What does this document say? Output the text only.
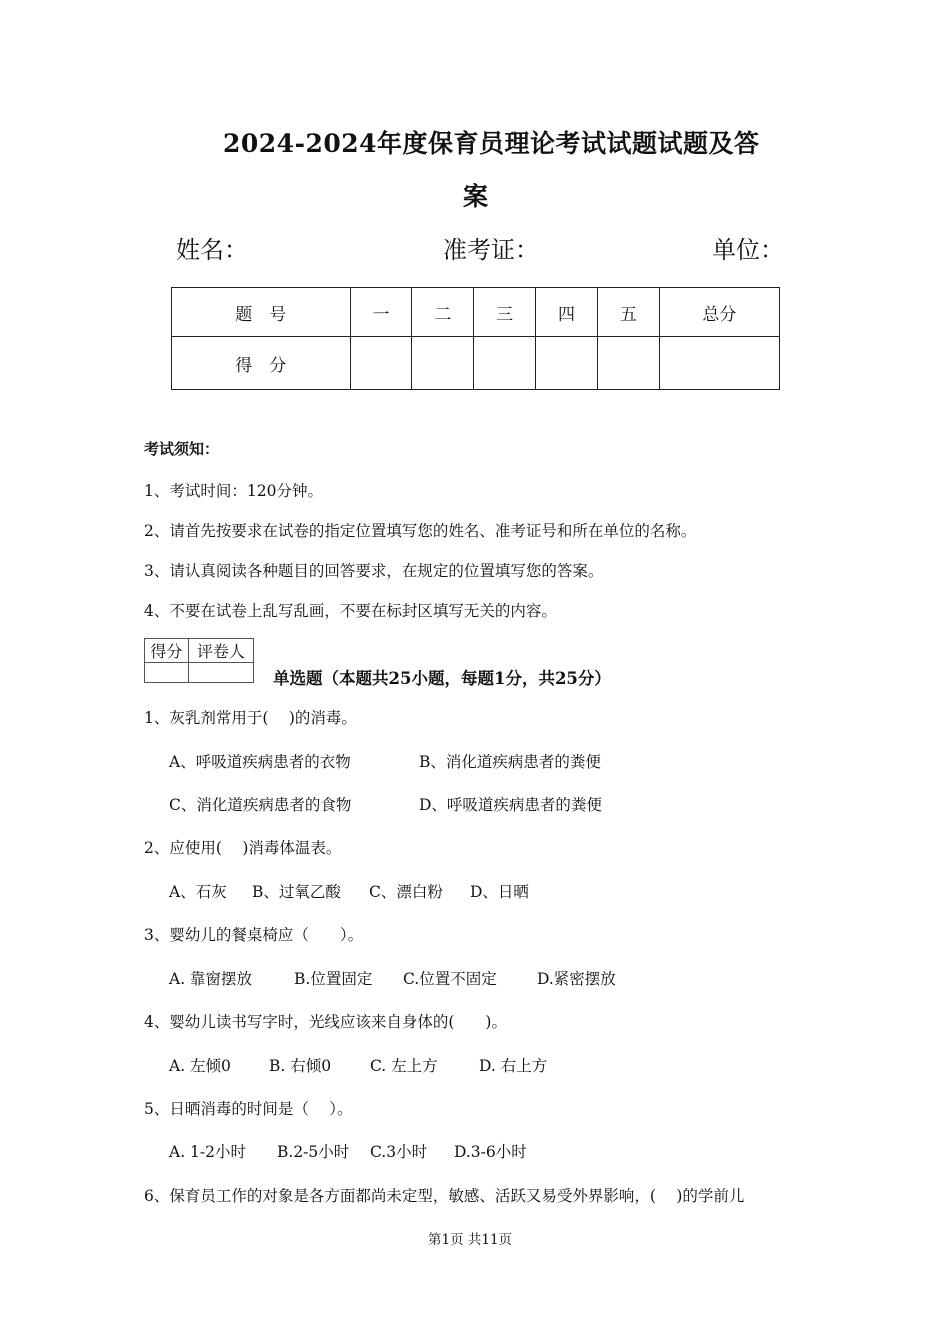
2024-2024年度保育员理论考试试题试题及答
案
姓名：	准考证：	单位：
题　号	一	二	三	四	五	总分
得　分						
考试须知：
1、考试时间：120分钟。
2、请首先按要求在试卷的指定位置填写您的姓名、准考证号和所在单位的名称。
3、请认真阅读各种题目的回答要求，在规定的位置填写您的答案。
4、不要在试卷上乱写乱画，不要在标封区填写无关的内容。
得分	评卷人

单选题（本题共25小题，每题1分，共25分）
1、灰乳剂常用于(　 )的消毒。
A、呼吸道疾病患者的衣物	B、消化道疾病患者的粪便
C、消化道疾病患者的食物	D、呼吸道疾病患者的粪便
2、应使用(　 )消毒体温表。
A、石灰 B、过氧乙酸 C、漂白粉 D、日晒
3、婴幼儿的餐桌椅应（　　）。
A. 靠窗摆放	B.位置固定 C.位置不固定	D.紧密摆放
4、婴幼儿读书写字时，光线应该来自身体的(　　)。
A. 左倾0 B. 右倾0	C. 左上方	D. 右上方
5、日晒消毒的时间是（　 ）。
A. 1-2小时 B.2-5小时 C.3小时 D.3-6小时
6、保育员工作的对象是各方面都尚未定型，敏感、活跃又易受外界影响，(　 )的学前儿
第1页 共11页
